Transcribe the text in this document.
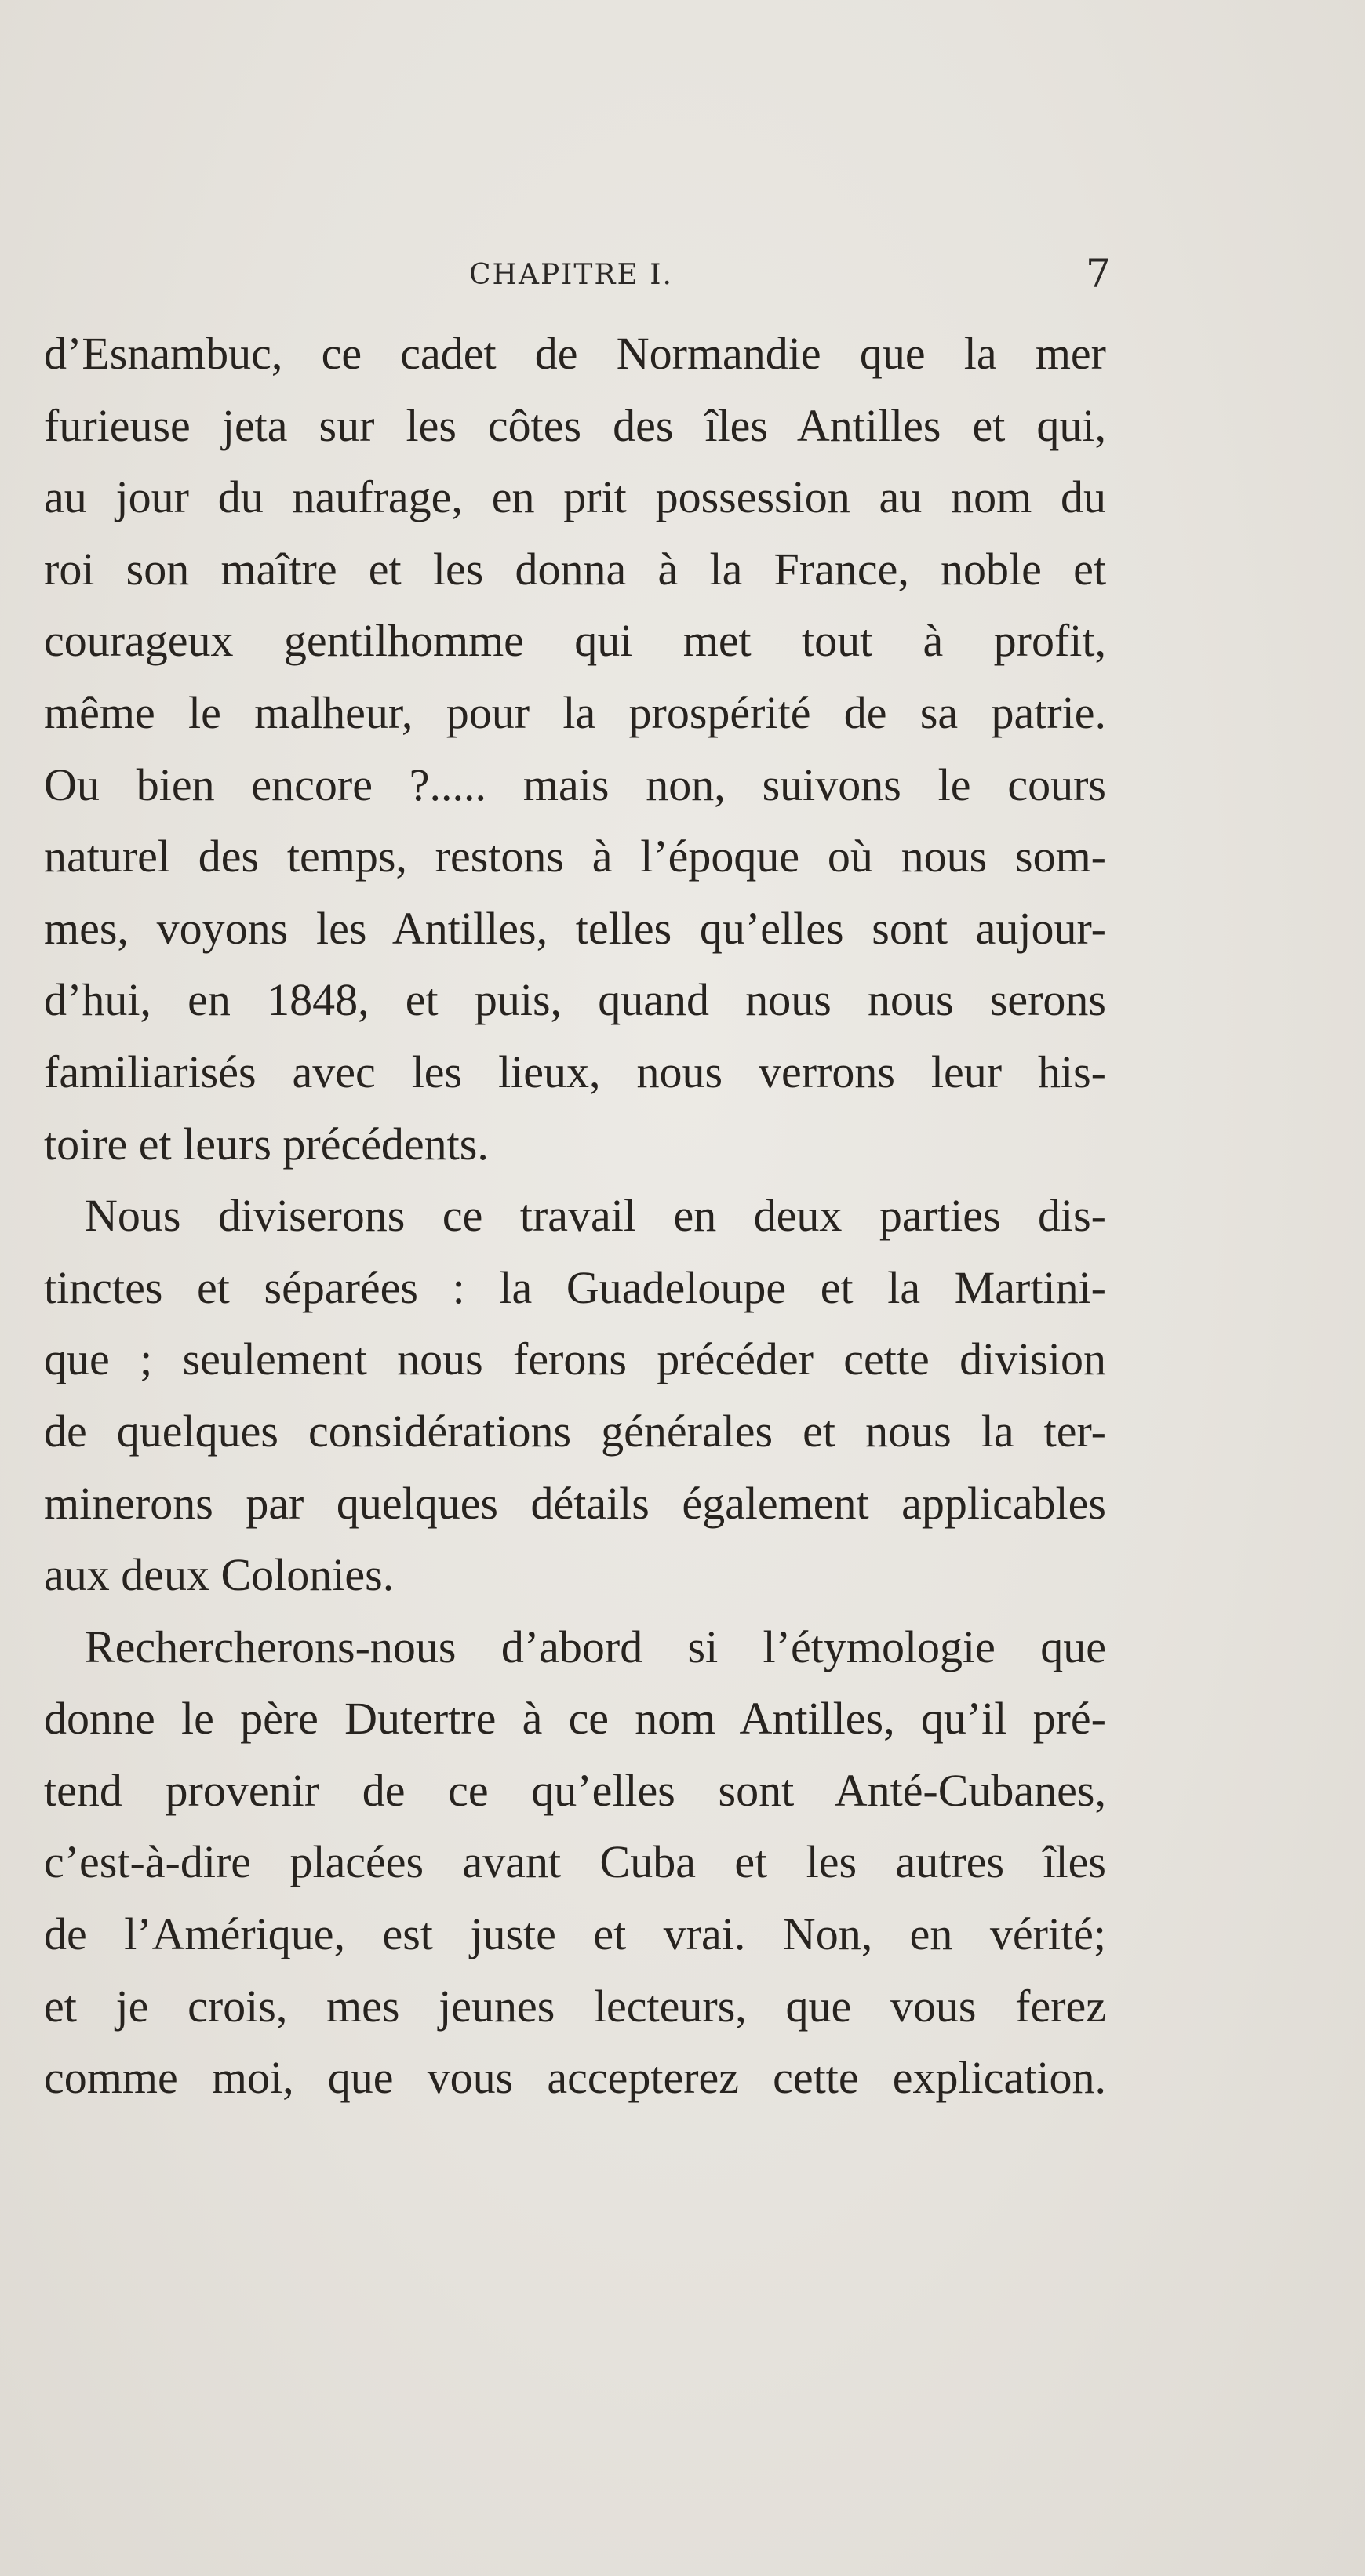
CHAPITRE I.	7
d’Esnambuc, ce cadet de Normandie que la mer
furieuse jeta sur les côtes des îles Antilles et qui,
au jour du naufrage, en prit possession au nom du
roi son maître et les donna à la France, noble et
courageux gentilhomme qui met tout à profit,
même le malheur, pour la prospérité de sa patrie.
Ou bien encore ?..... mais non, suivons le cours
naturel des temps, restons à l’époque où nous som-
mes, voyons les Antilles, telles qu’elles sont aujour-
d’hui, en 1848, et puis, quand nous nous serons
familiarisés avec les lieux, nous verrons leur his-
toire et leurs précédents.
Nous diviserons ce travail en deux parties dis-
tinctes et séparées : la Guadeloupe et la Martini-
que ; seulement nous ferons précéder cette division
de quelques considérations générales et nous la ter-
minerons par quelques détails également applicables
aux deux Colonies.
Rechercherons-nous d’abord si l’étymologie que
donne le père Dutertre à ce nom Antilles, qu’il pré-
tend provenir de ce qu’elles sont Anté-Cubanes,
c’est-à-dire placées avant Cuba et les autres îles
de l’Amérique, est juste et vrai. Non, en vérité;
et je crois, mes jeunes lecteurs, que vous ferez
comme moi, que vous accepterez cette explication.
